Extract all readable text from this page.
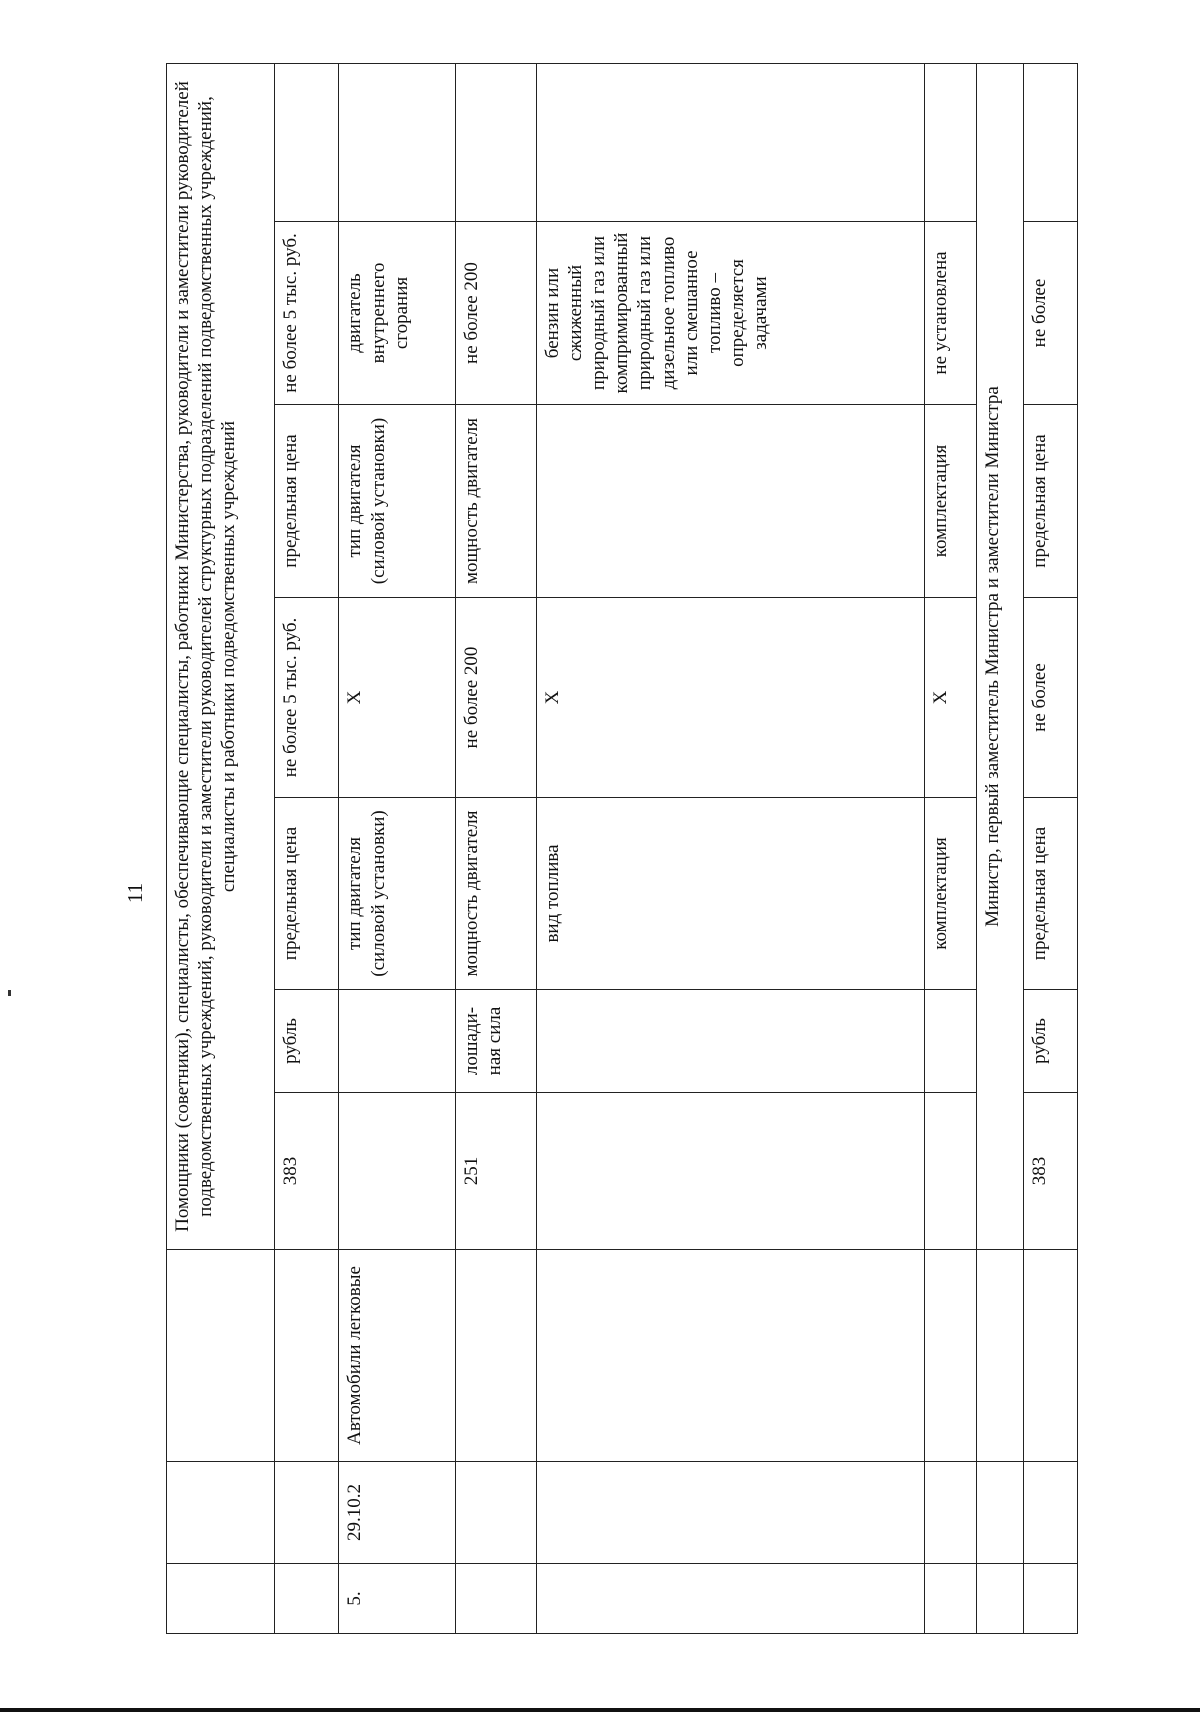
11
			Помощники (советники), специалисты, обеспечивающие специалисты, работники Министерства, руководители и заместители руководителей подведомственных учреждений, руководители и заместители руководителей структурных подразделений подведомственных учреждений, специалисты и работники подведомственных учреждений						
			383	рубль	предельная цена	не более 5 тыс. руб.	предельная цена	не более 5 тыс. руб.	
5.	29.10.2	Автомобили легковые			тип двигателя (силовой установки)	Х	тип двигателя (силовой установки)	двигатель внутреннего сгорания	
			251	лошади-ная сила	мощность двигателя	не более 200	мощность двигателя	не более 200	
					вид топлива	Х		бензин или сжиженный природный газ или компримированный природный газ или дизельное топливо или смешанное топливо – определяется задачами	
					комплектация	Х	комплектация	не установлена	
			Министр, первый заместитель Министра и заместители Министра						
			383	рубль	предельная цена	не более	предельная цена	не более	
